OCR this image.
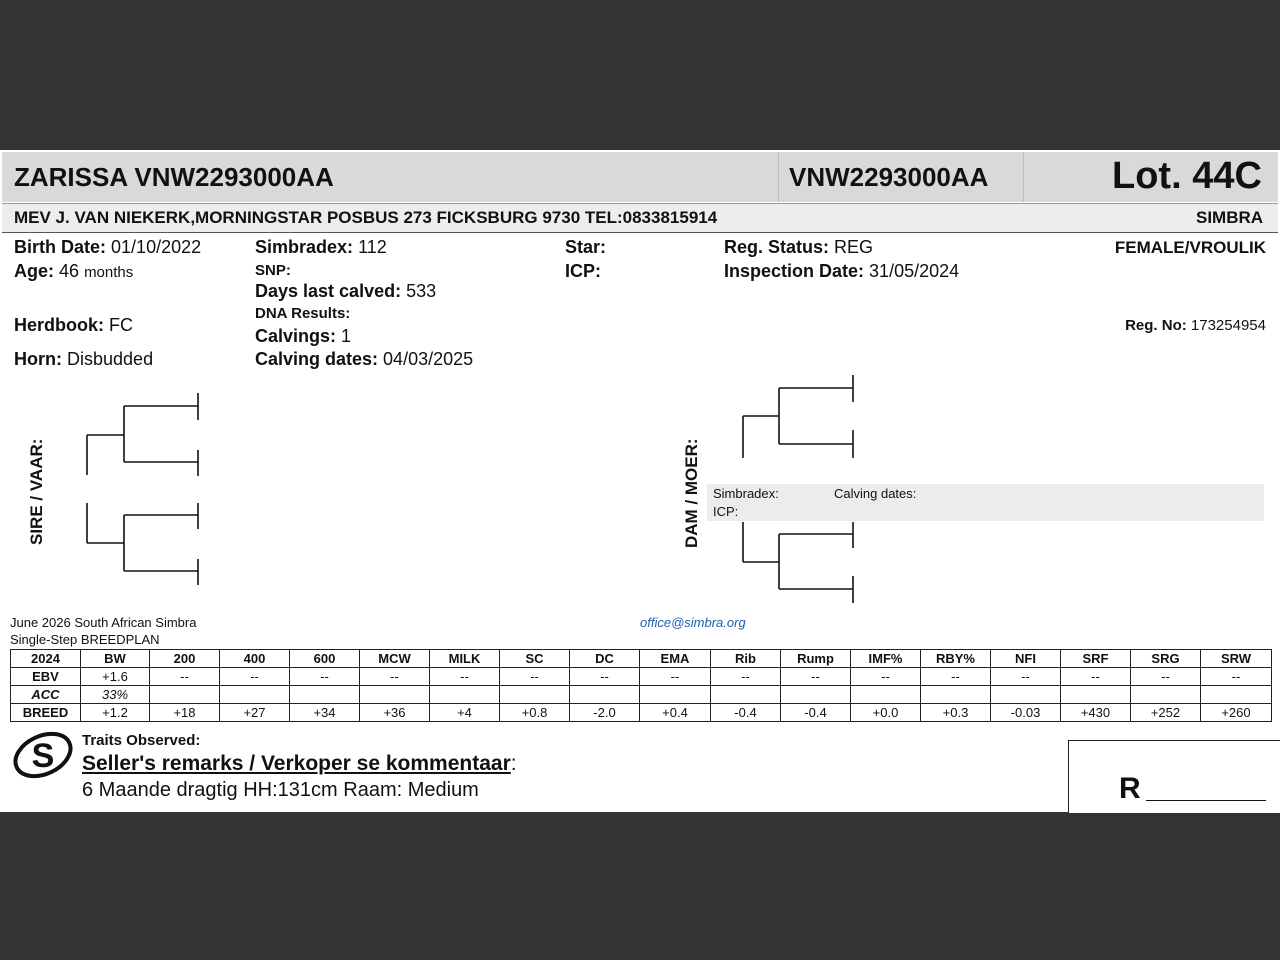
ZARISSA VNW2293000AA	VNW2293000AA	Lot. 44C
MEV J. VAN NIEKERK,MORNINGSTAR POSBUS 273 FICKSBURG 9730 TEL:0833815914	SIMBRA
Birth Date: 01/10/2022
Age: 46 months
Herdbook: FC
Horn: Disbudded
Simbradex: 112
SNP:
Days last calved: 533
DNA Results:
Calvings: 1
Calving dates: 04/03/2025
Star:
ICP:
Reg. Status: REG
Inspection Date: 31/05/2024
FEMALE/VROULIK
Reg. No: 173254954
SIRE / VAAR:	Simbradex:
ICP:
Calving dates:
DAM / MOER:
June 2026 South African Simbra
Single-Step BREEDPLAN
office@simbra.org
2024	BW	200	400	600	MCW	MILK	SC	DC	EMA	Rib	Rump	IMF%	RBY%	NFI	SRF	SRG	SRW
EBV	+1.6	--	--	--	--	--	--	--	--	--	--	--	--	--	--	--	--
ACC	33%																
BREED	+1.2	+18	+27	+34	+36	+4	+0.8	-2.0	+0.4	-0.4	-0.4	+0.0	+0.3	-0.03	+430	+252	+260
S Traits Observed:
Seller's remarks / Verkoper se kommentaar:
6 Maande dragtig HH:131cm Raam: Medium	R
